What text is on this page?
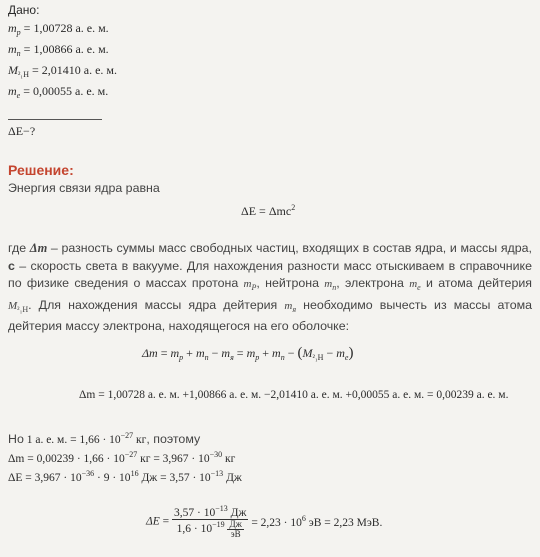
Дано:
$m_p = 1,00728$ а. е. м.
$m_n = 1,00866$ а. е. м.
$M_{^2_1H} = 2,01410$ а. е. м.
$m_e = 0,00055$ а. е. м.
ΔE−?
Решение:
Энергия связи ядра равна
ΔE = Δmc$^2$
где Δm – разность суммы масс свободных частиц, входящих в состав ядра, и массы ядра, c – скорость света в вакууме. Для нахождения разности масс отыскиваем в справочнике по физике сведения о массах протона $m_P$, нейтрона $m_n$, электрона $m_e$ и атома дейтерия $M_{^2_1H}$. Для нахождения массы ядра дейтерия $m_я$ необходимо вычесть из массы атома дейтерия массу электрона, находящегося на его оболочке:
$\Delta m = m_p + m_n - m_я = m_p + m_n - (M_{^2_1H} - m_e)$
Δm = 1,00728 а. е. м. +1,00866 а. е. м. −2,01410 а. е. м. +0,00055 а. е. м. = 0,00239 а. е. м.
Но 1 а. е. м. = $1,66 \cdot 10^{-27}$ кг, поэтому
$\Delta m = 0,00239 \cdot 1,66 \cdot 10^{-27}$ кг = $3,967 \cdot 10^{-30}$ кг
$\Delta E = 3,967 \cdot 10^{-36} \cdot 9 \cdot 10^{16}$ Дж = $3,57 \cdot 10^{-13}$ Дж
$\Delta E = 3,57 \cdot 10^{-13}$ Дж
$1,6 \cdot 10^{-19}$ Дж
эВ = $2,23 \cdot 10^6$ эВ = 2,23 МэВ.
